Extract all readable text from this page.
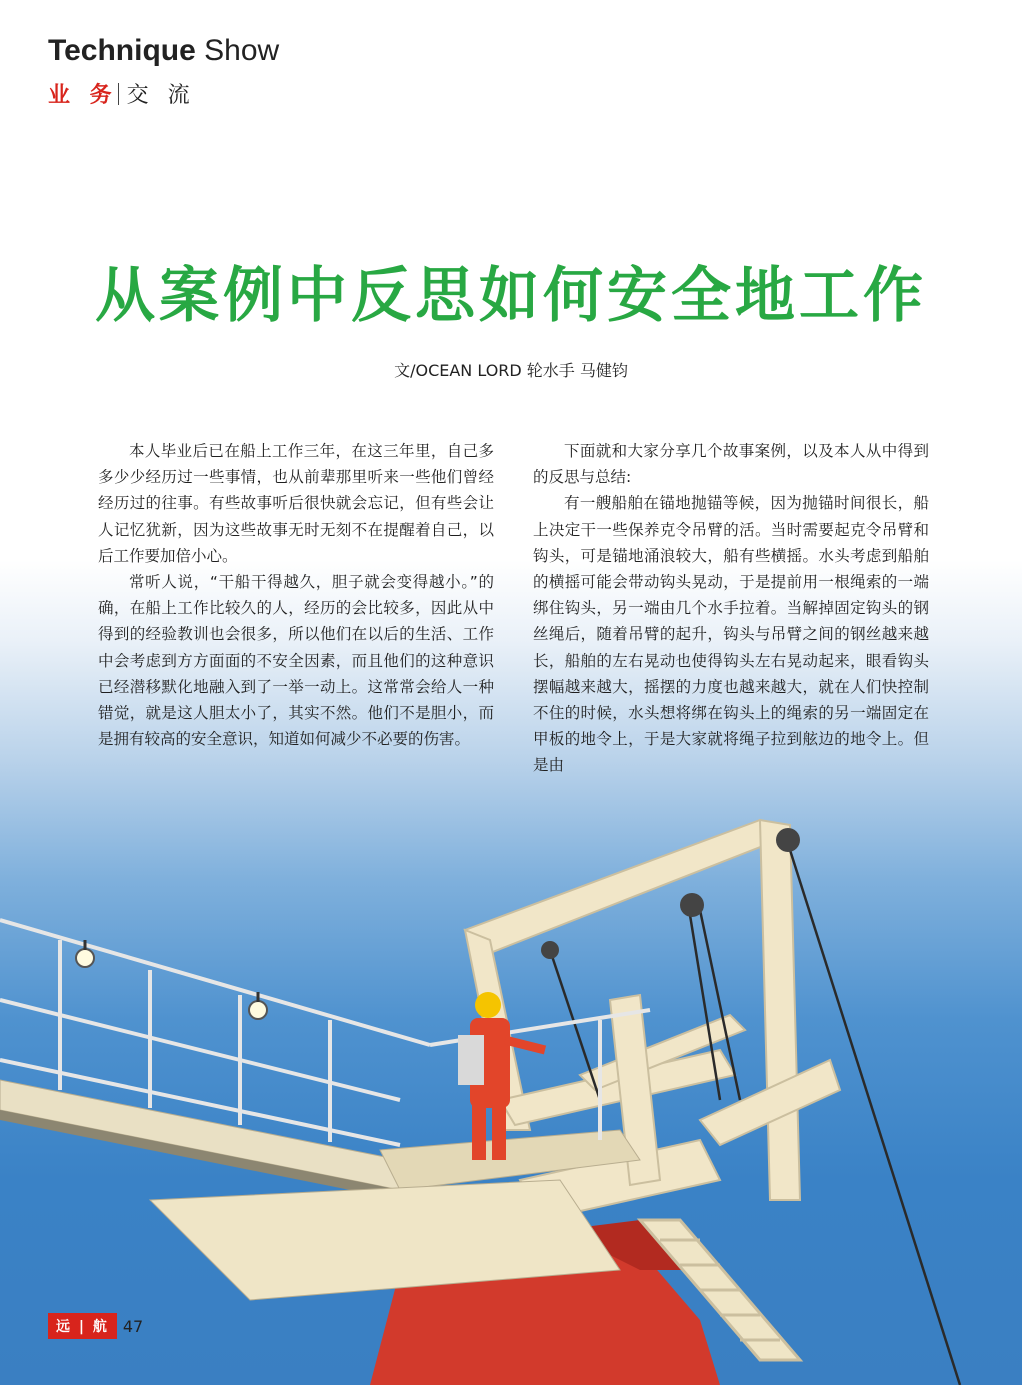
Technique Show
业 务 交 流
从案例中反思如何安全地工作
文/OCEAN LORD 轮水手 马健钧

本人毕业后已在船上工作三年，在这三年里，自己多多少少经历过一些事情，也从前辈那里听来一些他们曾经经历过的往事。有些故事听后很快就会忘记，但有些会让人记忆犹新，因为这些故事无时无刻不在提醒着自己，以后工作要加倍小心。

常听人说，“干船干得越久，胆子就会变得越小。”的确，在船上工作比较久的人，经历的会比较多，因此从中得到的经验教训也会很多，所以他们在以后的生活、工作中会考虑到方方面面的不安全因素，而且他们的这种意识已经潜移默化地融入到了一举一动上。这常常会给人一种错觉，就是这人胆太小了，其实不然。他们不是胆小，而是拥有较高的安全意识，知道如何减少不必要的伤害。

下面就和大家分享几个故事案例，以及本人从中得到的反思与总结:

有一艘船舶在锚地抛锚等候，因为抛锚时间很长，船上决定干一些保养克令吊臂的活。当时需要起克令吊臂和钩头，可是锚地涌浪较大，船有些横摇。水头考虑到船舶的横摇可能会带动钩头晃动，于是提前用一根绳索的一端绑住钩头，另一端由几个水手拉着。当解掉固定钩头的钢丝绳后，随着吊臂的起升，钩头与吊臂之间的钢丝越来越长，船舶的左右晃动也使得钩头左右晃动起来，眼看钩头摆幅越来越大，摇摆的力度也越来越大，就在人们快控制不住的时候，水头想将绑在钩头上的绳索的另一端固定在甲板的地令上，于是大家就将绳子拉到舷边的地令上。但是由

远 | 航 47
